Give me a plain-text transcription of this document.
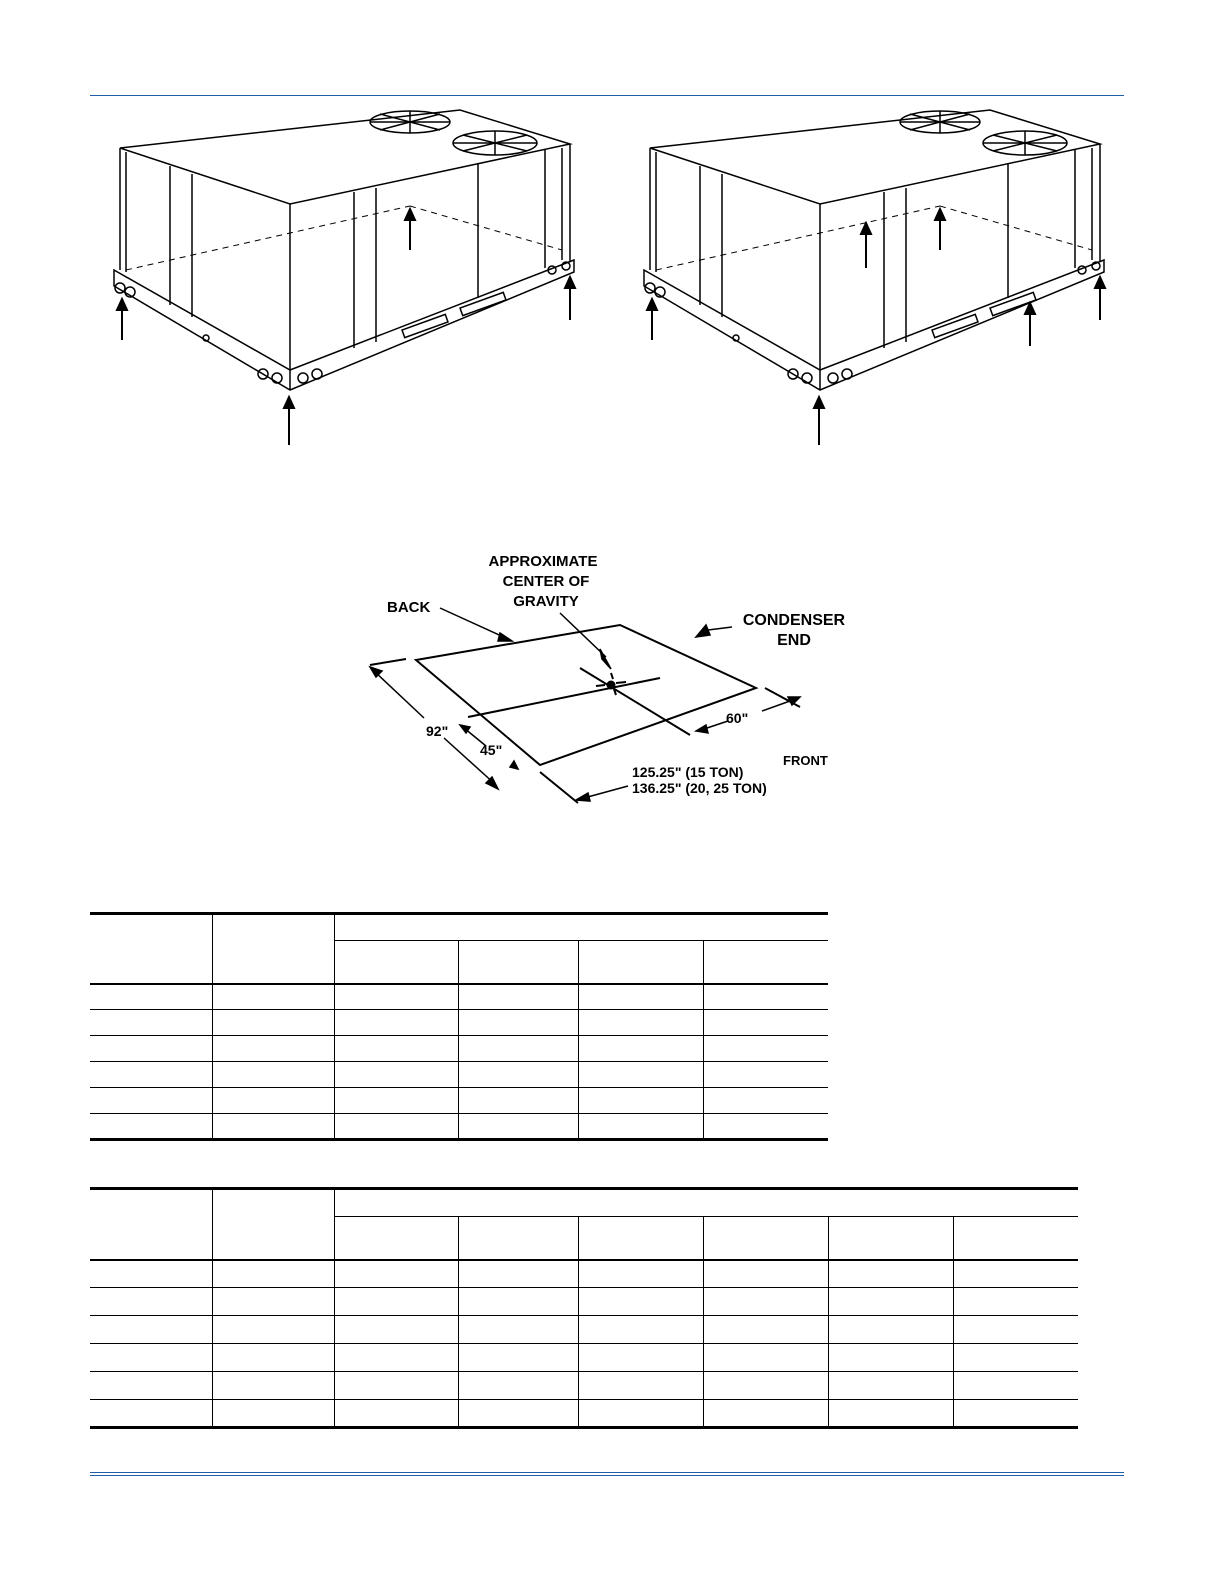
APPROXIMATE
CENTER OF
GRAVITY
BACK
CONDENSER
END
FRONT
92"
45"
60"
125.25" (15 TON)
136.25" (20, 25 TON)
